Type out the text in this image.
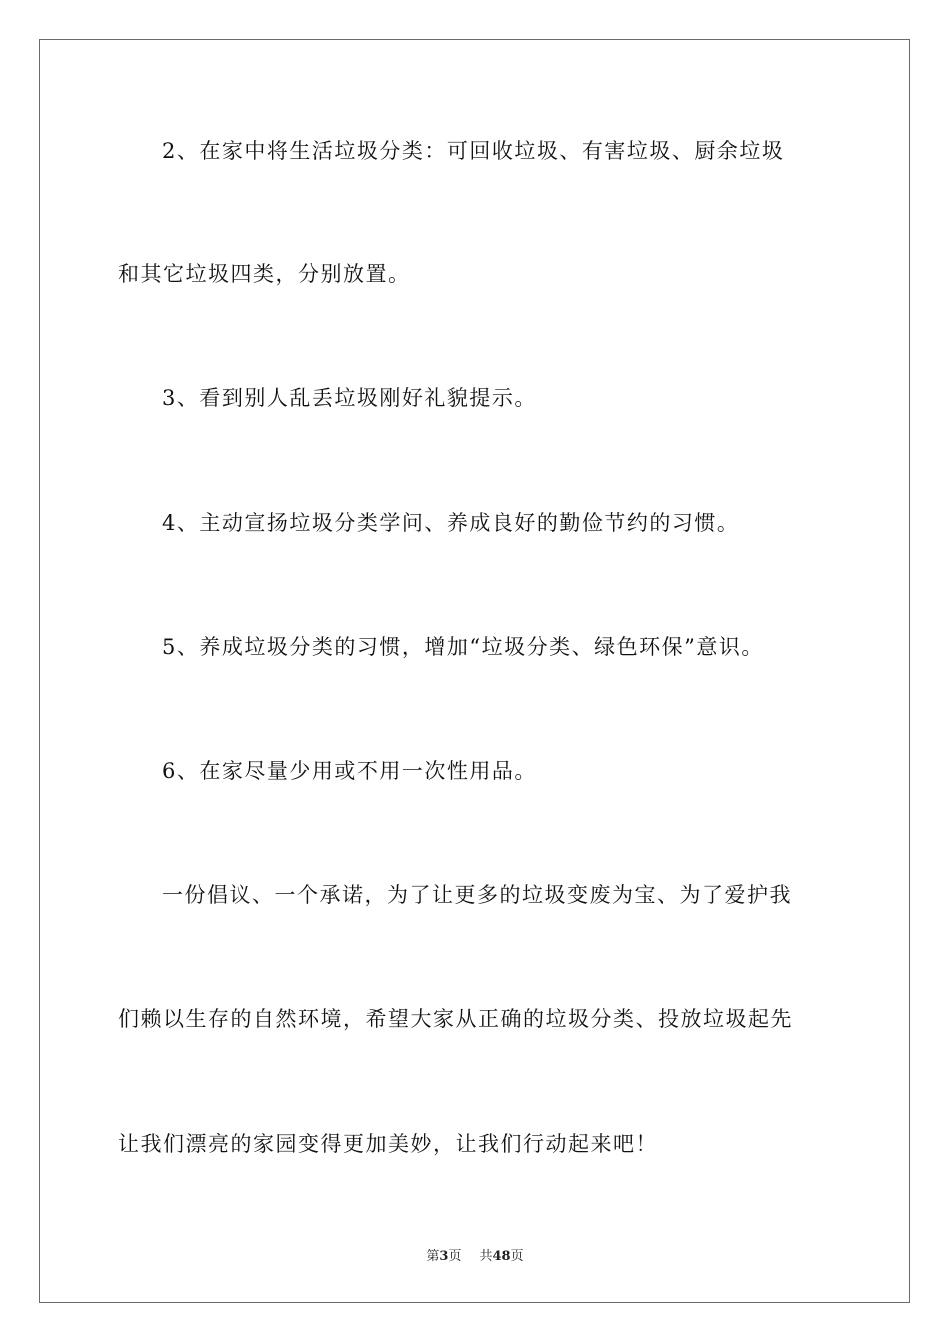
2、在家中将生活垃圾分类：可回收垃圾、有害垃圾、厨余垃圾
和其它垃圾四类，分别放置。
3、看到别人乱丢垃圾刚好礼貌提示。
4、主动宣扬垃圾分类学问、养成良好的勤俭节约的习惯。
5、养成垃圾分类的习惯，增加“垃圾分类、绿色环保”意识。
6、在家尽量少用或不用一次性用品。
一份倡议、一个承诺，为了让更多的垃圾变废为宝、为了爱护我
们赖以生存的自然环境，希望大家从正确的垃圾分类、投放垃圾起先
让我们漂亮的家园变得更加美妙，让我们行动起来吧！
第3页 共48页
